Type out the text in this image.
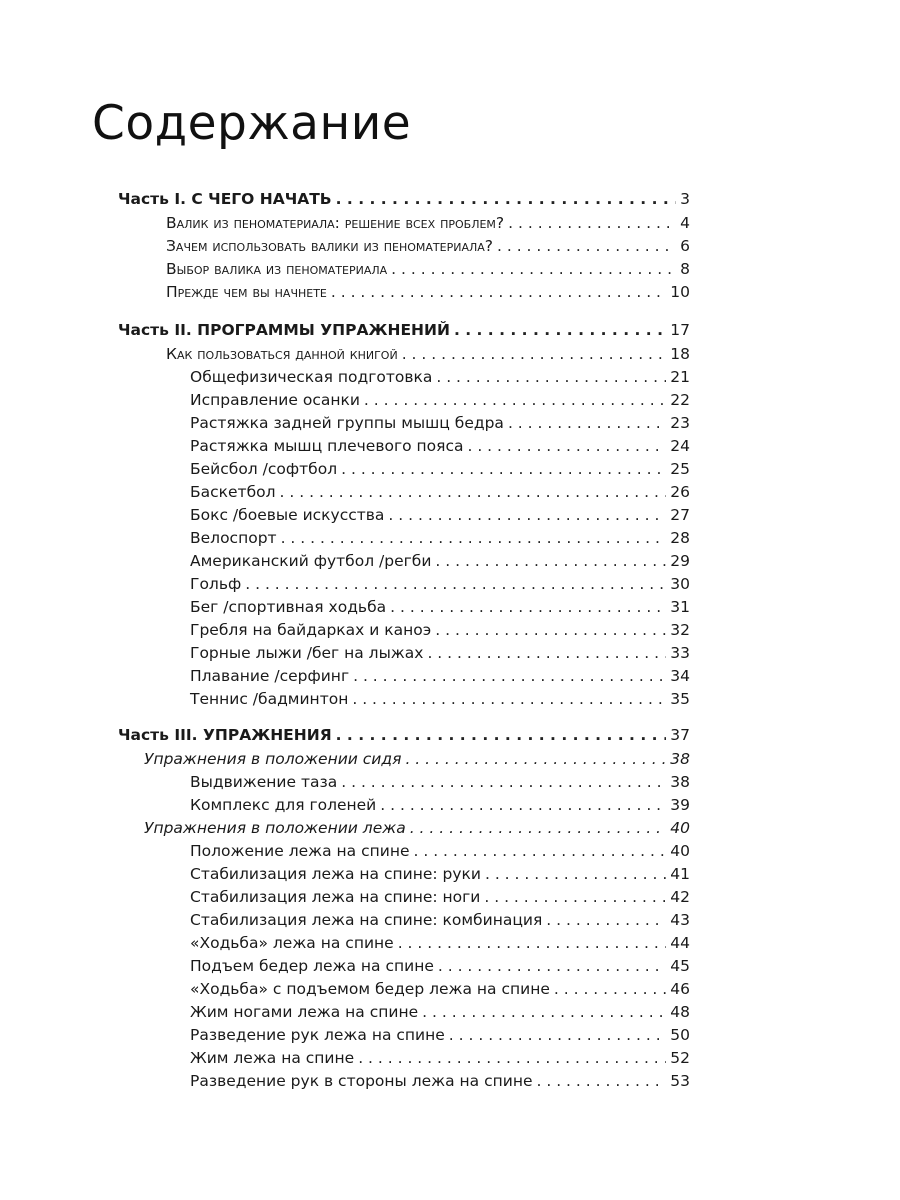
Содержание
Часть I. С ЧЕГО НАЧАТЬ . . .	3
Валик из пеноматериала: решение всех проблем? . . .	4
Зачем использовать валики из пеноматериала? . . .	6
Выбор валика из пеноматериала . . .	8
Прежде чем вы начнете . . .	10
Часть II. ПРОГРАММЫ УПРАЖНЕНИЙ . . .	17
Как пользоваться данной книгой . . .	18
Общефизическая подготовка . . .	21
Исправление осанки . . .	22
Растяжка задней группы мышц бедра . . .	23
Растяжка мышц плечевого пояса . . .	24
Бейсбол /софтбол . . .	25
Баскетбол . . .	26
Бокс /боевые искусства . . .	27
Велоспорт . . .	28
Американский футбол /регби . . .	29
Гольф . . .	30
Бег /спортивная ходьба . . .	31
Гребля на байдарках и каноэ . . .	32
Горные лыжи /бег на лыжах . . .	33
Плавание /серфинг . . .	34
Теннис /бадминтон . . .	35
Часть III. УПРАЖНЕНИЯ . . .	37
Упражнения в положении сидя . . .	38
Выдвижение таза . . .	38
Комплекс для голеней . . .	39
Упражнения в положении лежа . . .	40
Положение лежа на спине . . .	40
Стабилизация лежа на спине: руки . . .	41
Стабилизация лежа на спине: ноги . . .	42
Стабилизация лежа на спине: комбинация . . .	43
«Ходьба» лежа на спине . . .	44
Подъем бедер лежа на спине . . .	45
«Ходьба» с подъемом бедер лежа на спине . . .	46
Жим ногами лежа на спине . . .	48
Разведение рук лежа на спине . . .	50
Жим лежа на спине . . .	52
Разведение рук в стороны лежа на спине . . .	53
